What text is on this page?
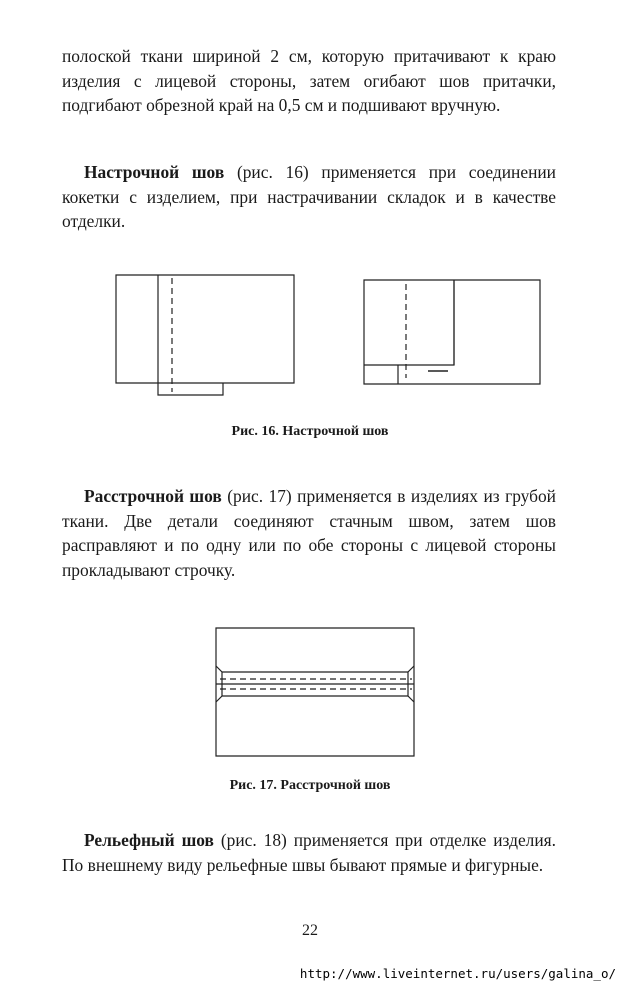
полоской ткани шириной 2 см, которую притачивают к краю изделия с лицевой стороны, затем огибают шов притачки, подгибают обрезной край на 0,5 см и подшивают вручную.

Настрочной шов (рис. 16) применяется при соединении кокетки с изделием, при настрачивании складок и в качестве отделки.

Рис. 16. Настрочной шов

Расстрочной шов (рис. 17) применяется в изделиях из грубой ткани. Две детали соединяют стачным швом, затем шов расправляют и по одну или по обе стороны с лицевой стороны прокладывают строчку.

Рис. 17. Расстрочной шов

Рельефный шов (рис. 18) применяется при отделке изделия. По внешнему виду рельефные швы бывают прямые и фигурные.

22
http://www.liveinternet.ru/users/galina_o/
